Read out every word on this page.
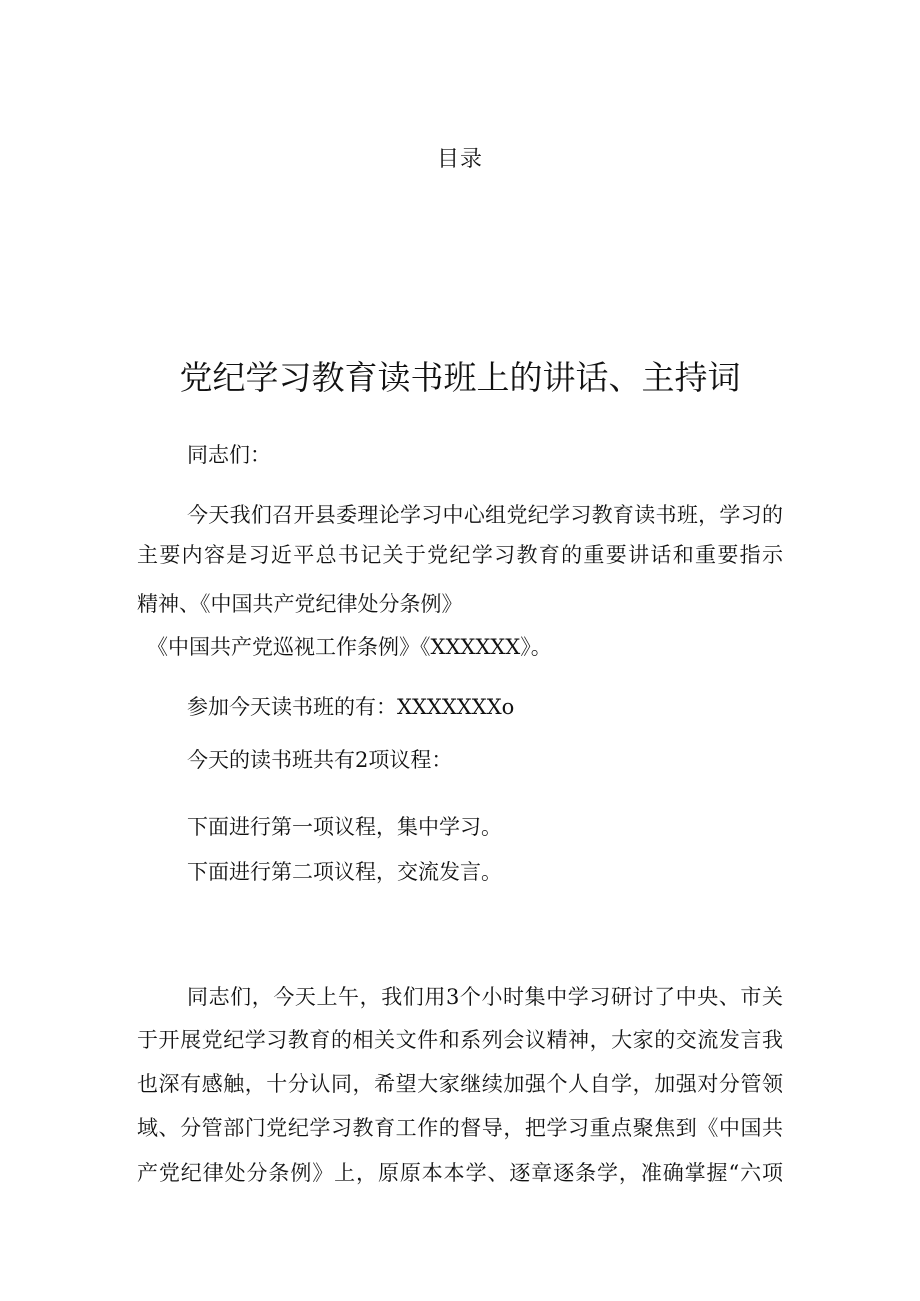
目录
党纪学习教育读书班上的讲话、主持词
同志们：
今天我们召开县委理论学习中心组党纪学习教育读书班，学习的
主要内容是习近平总书记关于党纪学习教育的重要讲话和重要指示
精神、《中国共产党纪律处分条例》
《中国共产党巡视工作条例》《XXXXXX》。
参加今天读书班的有：XXXXXXXo
今天的读书班共有2项议程：
下面进行第一项议程，集中学习。
下面进行第二项议程，交流发言。
同志们，今天上午，我们用3个小时集中学习研讨了中央、市关
于开展党纪学习教育的相关文件和系列会议精神，大家的交流发言我
也深有感触，十分认同，希望大家继续加强个人自学，加强对分管领
域、分管部门党纪学习教育工作的督导，把学习重点聚焦到《中国共
产党纪律处分条例》上，原原本本学、逐章逐条学，准确掌握“六项
